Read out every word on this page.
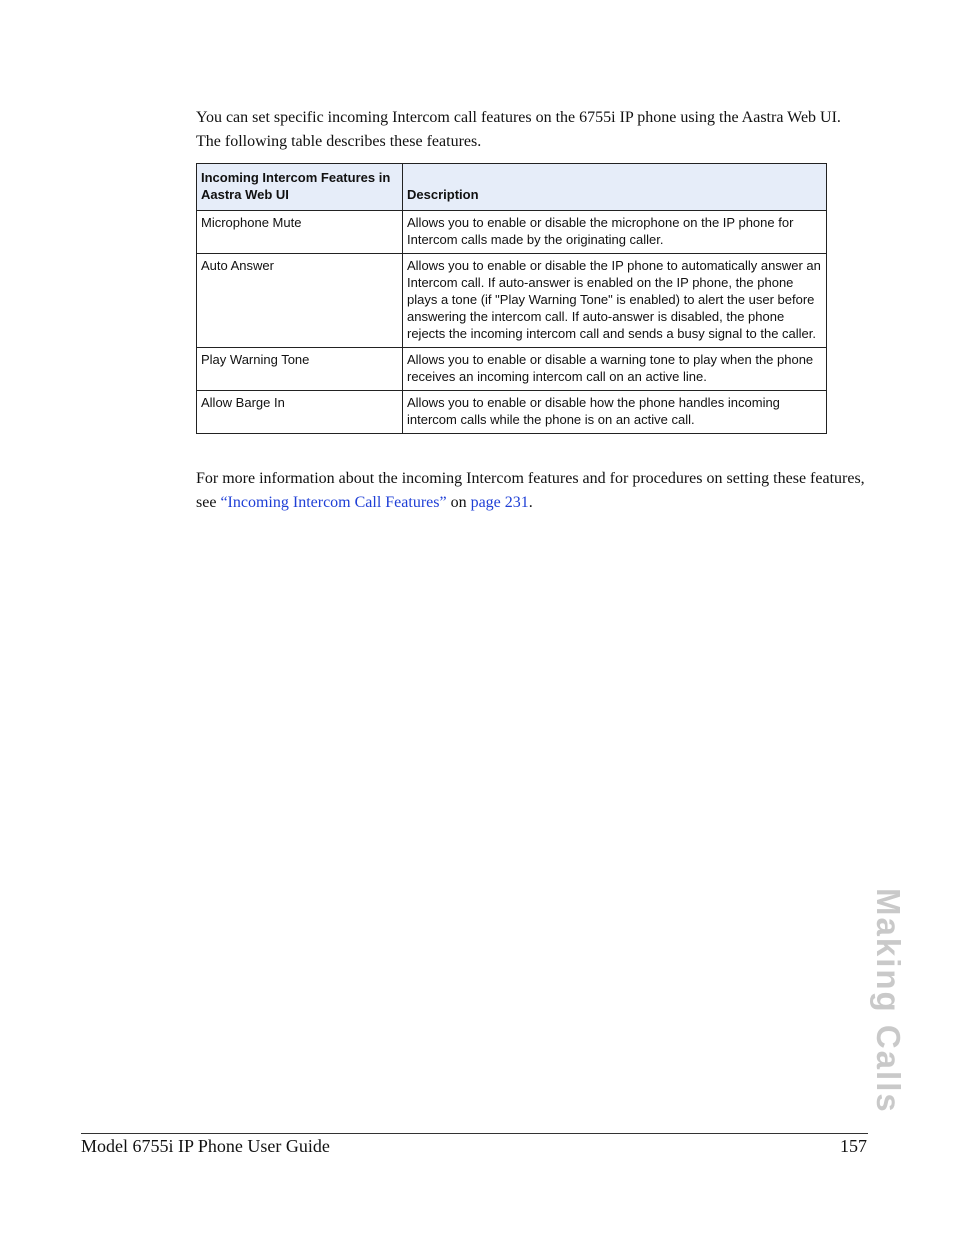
You can set specific incoming Intercom call features on the 6755i IP phone using the Aastra Web UI. The following table describes these features.

Incoming Intercom Features in Aastra Web UI	Description
Microphone Mute	Allows you to enable or disable the microphone on the IP phone for Intercom calls made by the originating caller.
Auto Answer	Allows you to enable or disable the IP phone to automatically answer an Intercom call. If auto-answer is enabled on the IP phone, the phone plays a tone (if "Play Warning Tone" is enabled) to alert the user before answering the intercom call. If auto-answer is disabled, the phone rejects the incoming intercom call and sends a busy signal to the caller.
Play Warning Tone	Allows you to enable or disable a warning tone to play when the phone receives an incoming intercom call on an active line.
Allow Barge In	Allows you to enable or disable how the phone handles incoming intercom calls while the phone is on an active call.

For more information about the incoming Intercom features and for procedures on setting these features, see “Incoming Intercom Call Features” on page 231.

Making Calls
Model 6755i IP Phone User Guide	157
